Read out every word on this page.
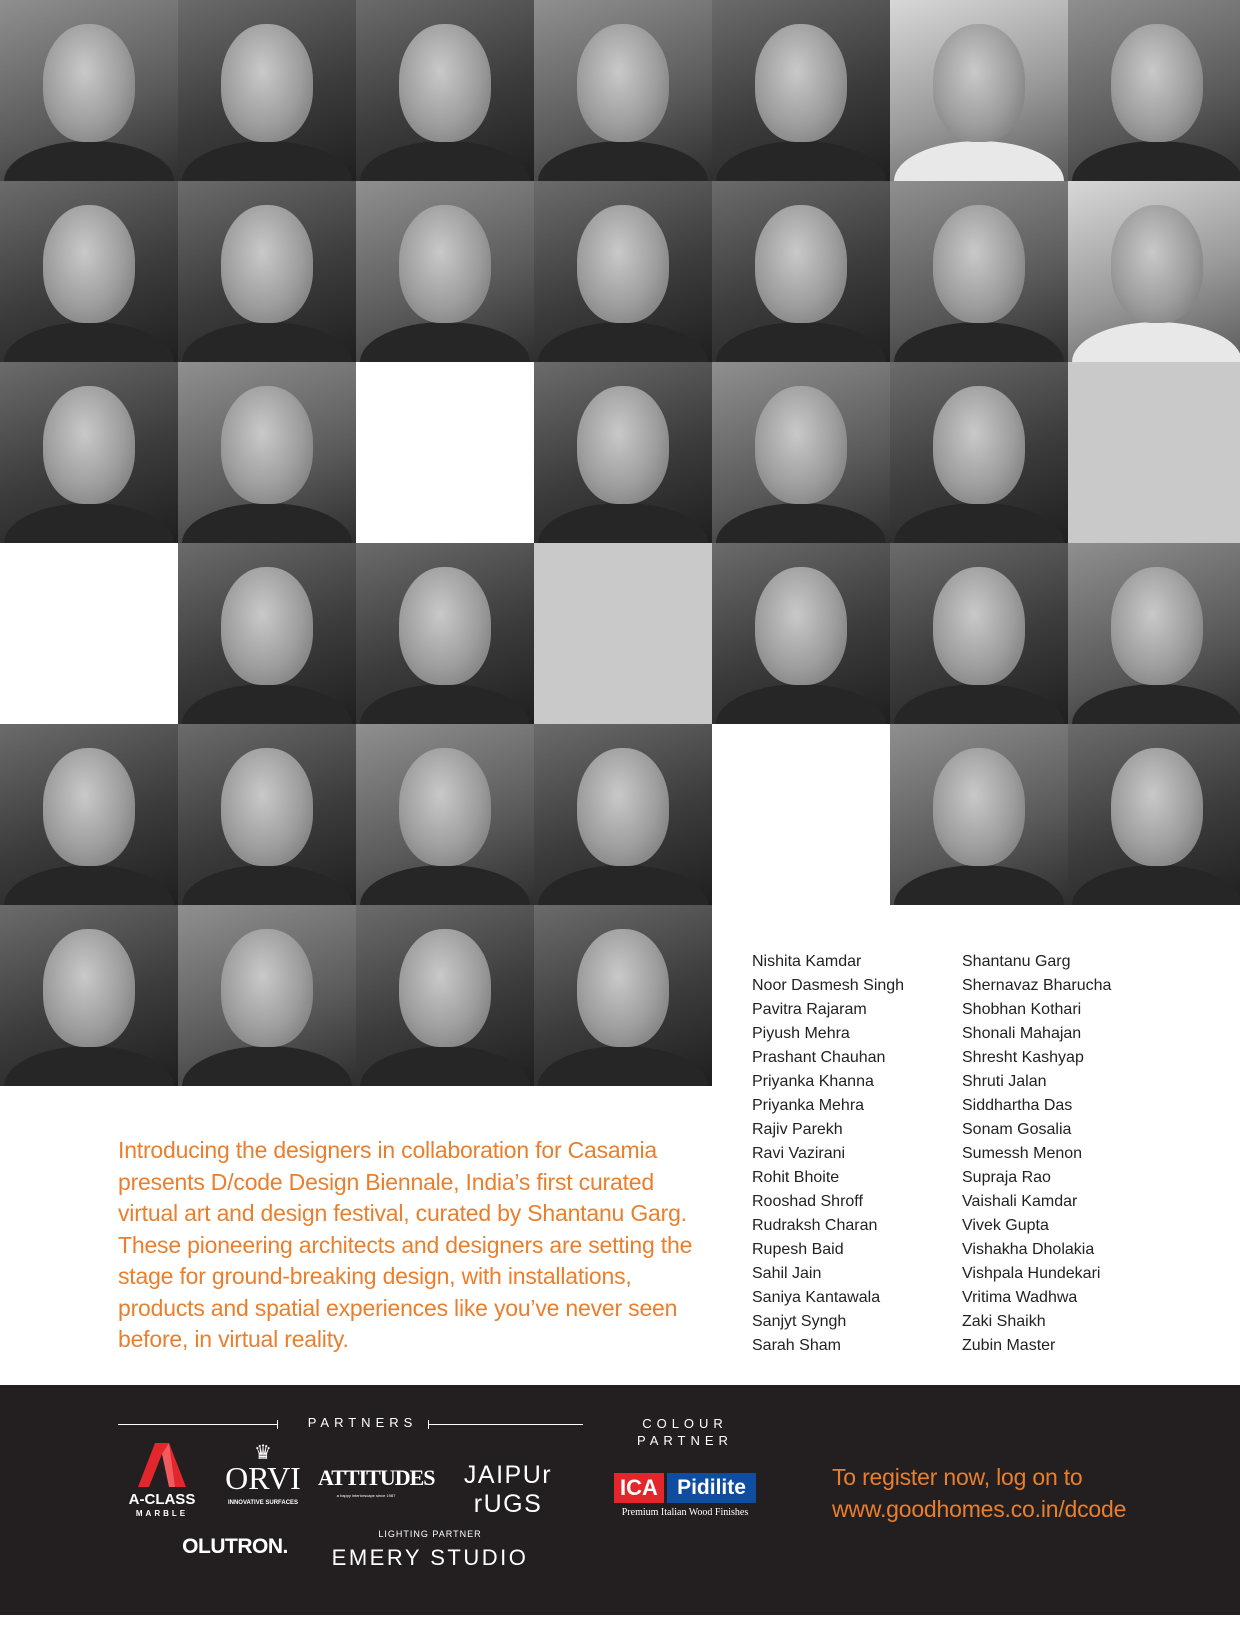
Introducing the designers in collaboration for Casamia presents D/code Design Biennale, India’s first curated virtual art and design festival, curated by Shantanu Garg. These pioneering architects and designers are setting the stage for ground-breaking design, with installations, products and spatial experiences like you’ve never seen before, in virtual reality.

Nishita Kamdar
Noor Dasmesh Singh
Pavitra Rajaram
Piyush Mehra
Prashant Chauhan
Priyanka Khanna
Priyanka Mehra
Rajiv Parekh
Ravi Vazirani
Rohit Bhoite
Rooshad Shroff
Rudraksh Charan
Rupesh Baid
Sahil Jain
Saniya Kantawala
Sanjyt Syngh
Sarah Sham
Shantanu Garg
Shernavaz Bharucha
Shobhan Kothari
Shonali Mahajan
Shresht Kashyap
Shruti Jalan
Siddhartha Das
Sonam Gosalia
Sumessh Menon
Supraja Rao
Vaishali Kamdar
Vivek Gupta
Vishakha Dholakia
Vishpala Hundekari
Vritima Wadhwa
Zaki Shaikh
Zubin Master
PARTNERS	COLOUR PARTNER
A-CLASS
MARBLE
♛
ORVI
INNOVATIVE SURFACES
ATTITUDES
a happy interiorscape since 1987
JAIPUr rUGS
ICA Pidilite
Premium Italian Wood Finishes
OLUTRON.
LIGHTING PARTNER
EMERY STUDIO

To register now, log on to www.goodhomes.co.in/dcode
